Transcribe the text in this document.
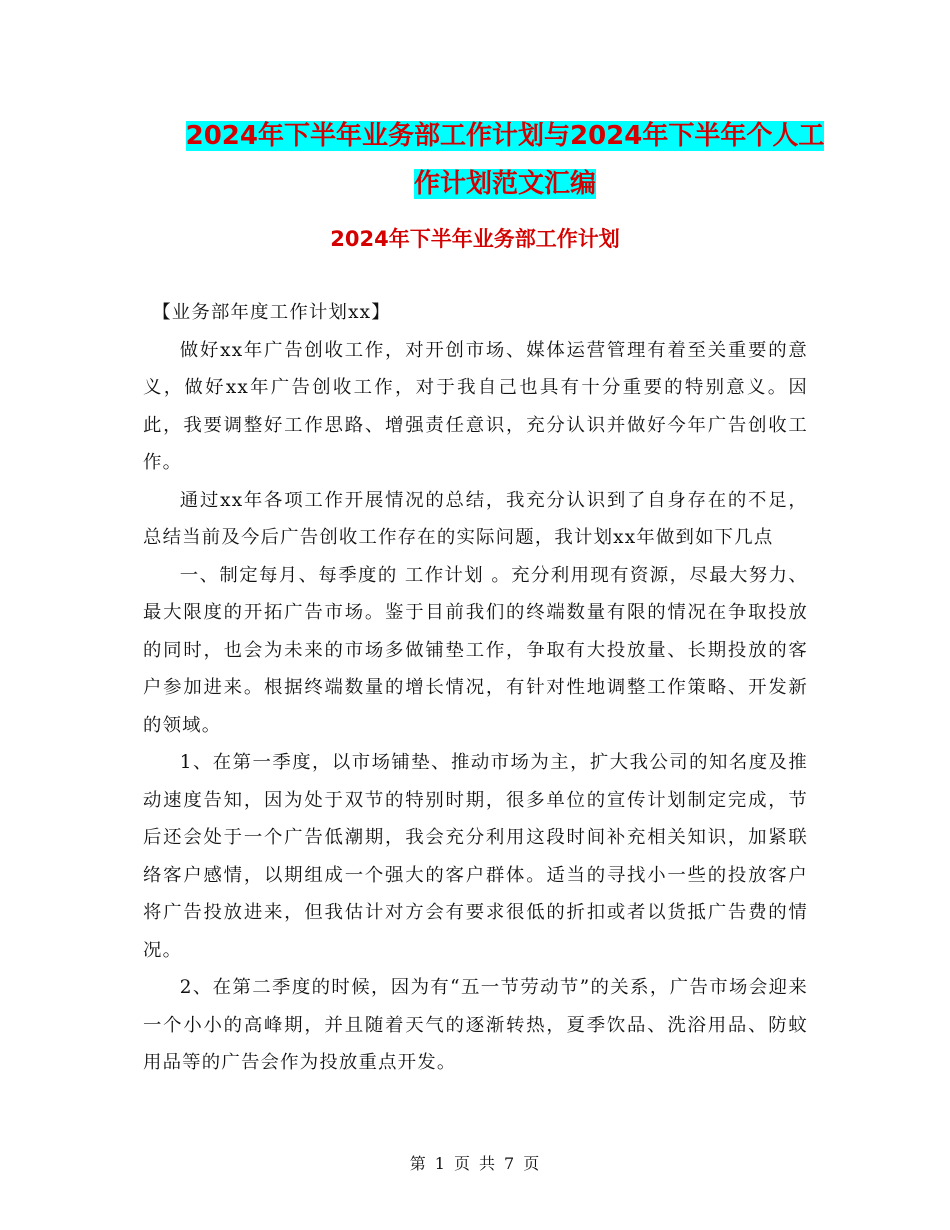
2024年下半年业务部工作计划与2024年下半年个人工
作计划范文汇编
2024年下半年业务部工作计划

【业务部年度工作计划xx】

做好xx年广告创收工作，对开创市场、媒体运营管理有着至关重要的意义，做好xx年广告创收工作，对于我自己也具有十分重要的特别意义。因此，我要调整好工作思路、增强责任意识，充分认识并做好今年广告创收工作。

通过xx年各项工作开展情况的总结，我充分认识到了自身存在的不足，总结当前及今后广告创收工作存在的实际问题，我计划xx年做到如下几点

一、制定每月、每季度的 工作计划 。充分利用现有资源，尽最大努力、最大限度的开拓广告市场。鉴于目前我们的终端数量有限的情况在争取投放的同时，也会为未来的市场多做铺垫工作，争取有大投放量、长期投放的客户参加进来。根据终端数量的增长情况，有针对性地调整工作策略、开发新的领域。

1、在第一季度，以市场铺垫、推动市场为主，扩大我公司的知名度及推动速度告知，因为处于双节的特别时期，很多单位的宣传计划制定完成，节后还会处于一个广告低潮期，我会充分利用这段时间补充相关知识，加紧联络客户感情，以期组成一个强大的客户群体。适当的寻找小一些的投放客户将广告投放进来，但我估计对方会有要求很低的折扣或者以货抵广告费的情况。

2、在第二季度的时候，因为有“五一节劳动节”的关系，广告市场会迎来一个小小的高峰期，并且随着天气的逐渐转热，夏季饮品、洗浴用品、防蚊用品等的广告会作为投放重点开发。

第 1 页 共 7 页
